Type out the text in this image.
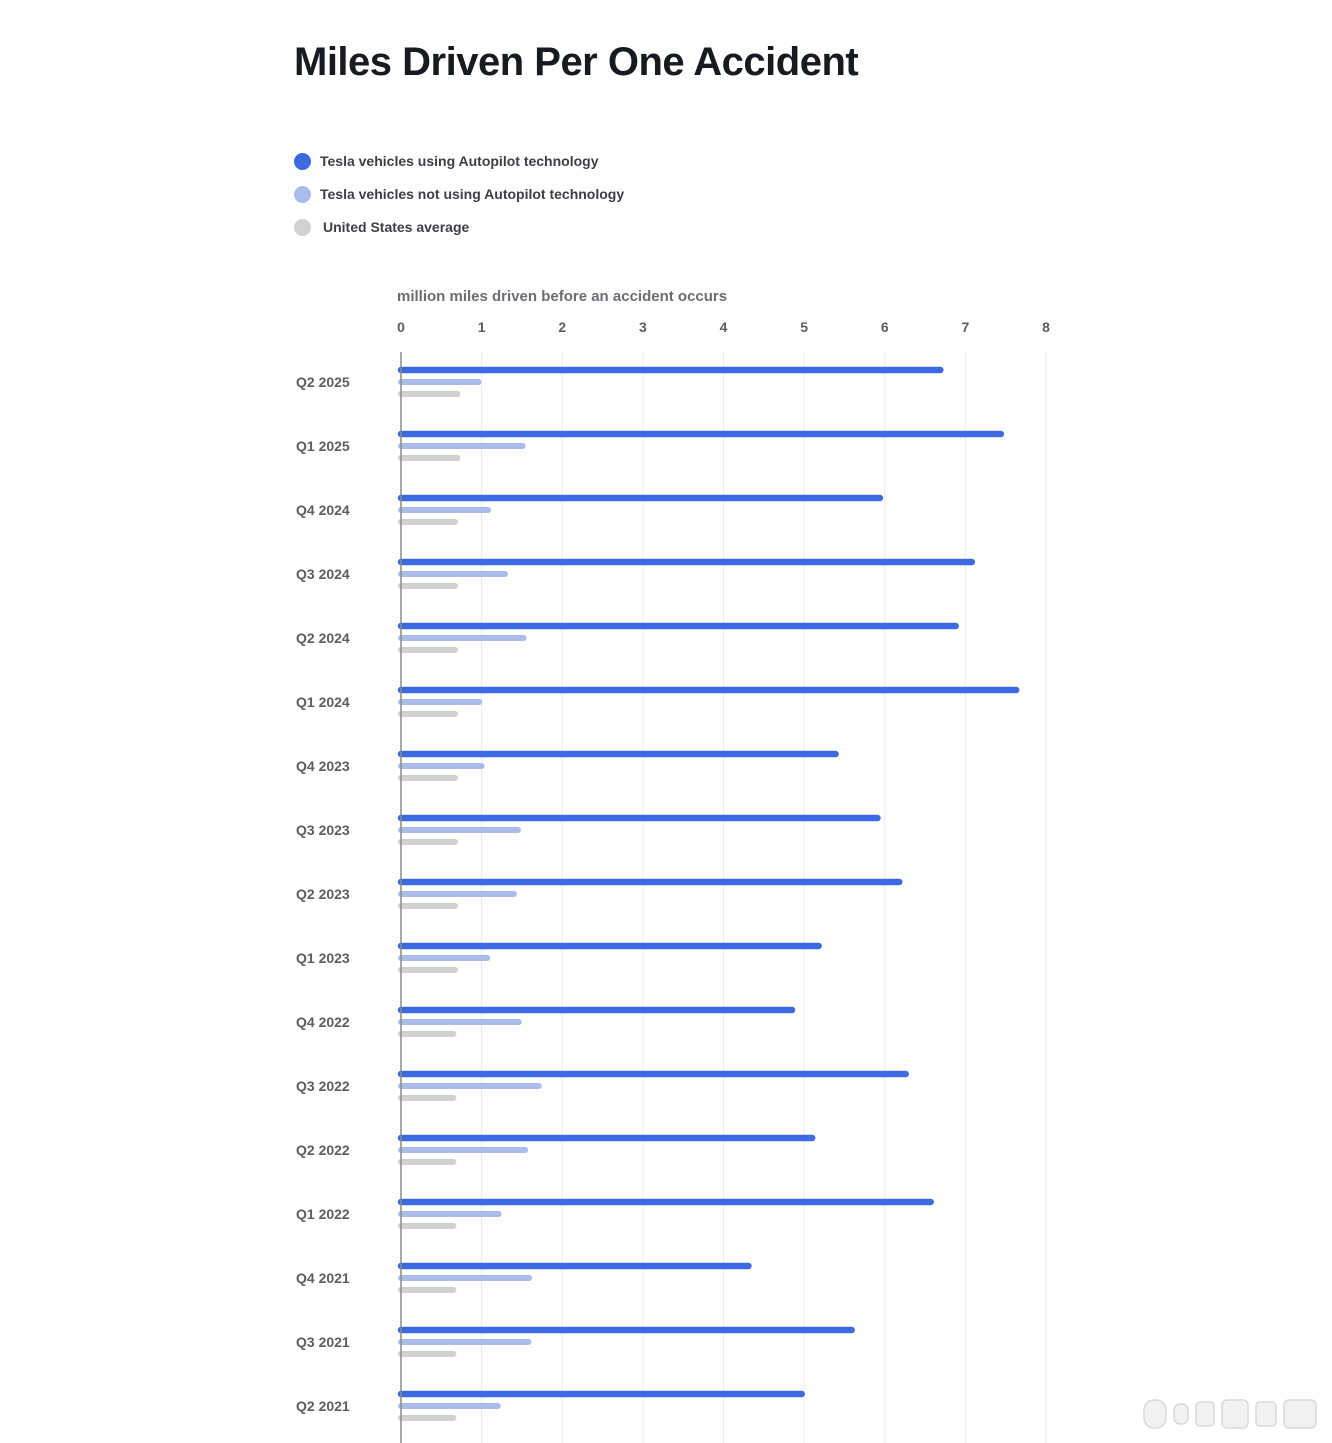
Miles Driven Per One Accident
Tesla vehicles using Autopilot technology
Tesla vehicles not using Autopilot technology
United States average
million miles driven before an accident occurs
0	1	2	3	4	5	6	7	8
Q2 2025
Q1 2025
Q4 2024
Q3 2024
Q2 2024
Q1 2024
Q4 2023
Q3 2023
Q2 2023
Q1 2023
Q4 2022
Q3 2022
Q2 2022
Q1 2022
Q4 2021
Q3 2021
Q2 2021
